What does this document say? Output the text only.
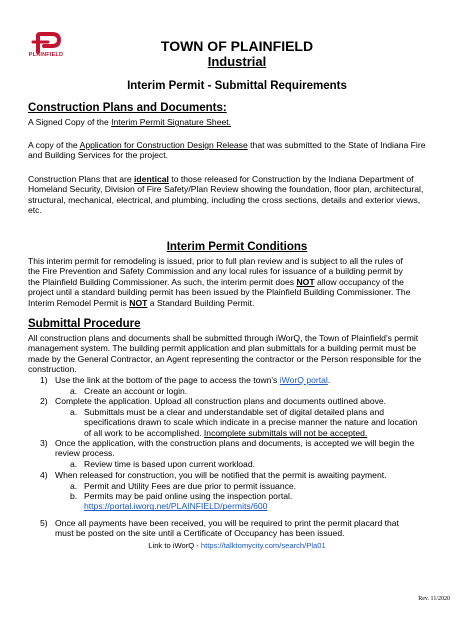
PLAINFIELD
TOWN OF PLAINFIELD
Industrial
Interim Permit - Submittal Requirements
Construction Plans and Documents:
A Signed Copy of the Interim Permit Signature Sheet.
A copy of the Application for Construction Design Release that was submitted to the State of Indiana Fire
and Building Services for the project.
Construction Plans that are identical to those released for Construction by the Indiana Department of
Homeland Security, Division of Fire Safety/Plan Review showing the foundation, floor plan, architectural,
structural, mechanical, electrical, and plumbing, including the cross sections, details and exterior views,
etc.
Interim Permit Conditions
This interim permit for remodeling is issued, prior to full plan review and is subject to all the rules of
the Fire Prevention and Safety Commission and any local rules for issuance of a building permit by
the Plainfield Building Commissioner. As such, the interim permit does NOT allow occupancy of the
project until a standard building permit has been issued by the Plainfield Building Commissioner. The
Interim Remodel Permit is NOT a Standard Building Permit.
Submittal Procedure
All construction plans and documents shall be submitted through iWorQ, the Town of Plainfield's permit
management system. The building permit application and plan submittals for a building permit must be
made by the General Contractor, an Agent representing the contractor or the Person responsible for the
construction.
1) Use the link at the bottom of the page to access the town's iWorQ portal.
a. Create an account or login.
2) Complete the application. Upload all construction plans and documents outlined above.
a. Submittals must be a clear and understandable set of digital detailed plans and
specifications drawn to scale which indicate in a precise manner the nature and location
of all work to be accomplished. Incomplete submittals will not be accepted.
3) Once the application, with the construction plans and documents, is accepted we will begin the
review process.
a. Review time is based upon current workload.
4) When released for construction, you will be notified that the permit is awaiting payment.
a. Permit and Utility Fees are due prior to permit issuance.
b. Permits may be paid online using the inspection portal.
https://portal.iworq.net/PLAINFIELD/permits/600
5) Once all payments have been received, you will be required to print the permit placard that
must be posted on the site until a Certificate of Occupancy has been issued.
Link to iWorQ - https://talktomycity.com/search/Pla01
Rev. 11/2020
